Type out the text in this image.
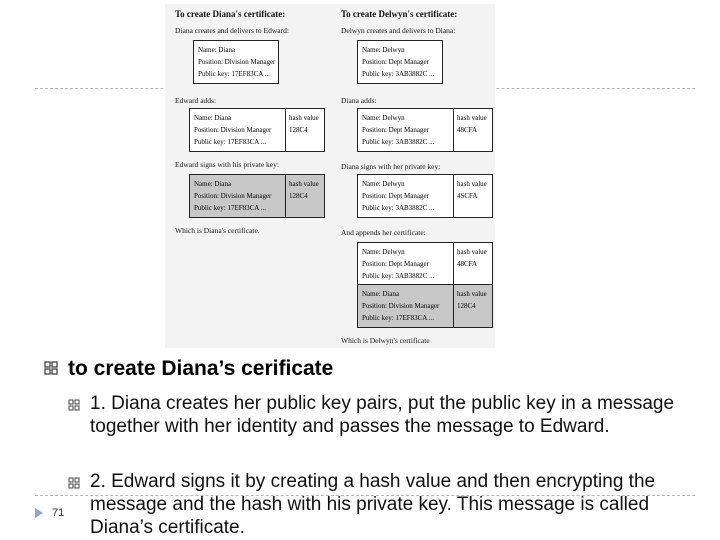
To create Diana's certificate:
Diana creates and delivers to Edward:
Name: Diana
Position: Division Manager
Public key: 17EF83CA ...
Edward adds:
Name: Diana
Position: Division Manager
Public key: 17EF83CA ...
hash value
128C4
Edward signs with his private key:
Name: Diana
Position: Division Manager
Public key: 17EF83CA ...
hash value
128C4
Which is Diana's certificate.
To create Delwyn's certificate:
Delwyn creates and delivers to Diana:
Name: Delwyn
Position: Dept Manager
Public key: 3AB3882C ...
Diana adds:
Name: Delwyn
Position: Dept Manager
Public key: 3AB3882C ...
hash value
48CFA
Diana signs with her private key:
Name: Delwyn
Position: Dept Manager
Public key: 3AB3882C ...
hash value
4SCFA
And appends her certificate:
Name: Delwyn
Position: Dept Manager
Public key: 3AB3882C ...
hash value
48CFA
Name: Diana
Position: Division Manager
Public key: 17EF83CA ...
hash value
128C4
Which is Delwyn's certificate
to create Diana’s cerificate
1. Diana creates her public key pairs, put the public key in a message together with her identity and passes the message to Edward.
2. Edward signs it by creating a hash value and then encrypting the message and the hash with his private key. This message is called Diana’s certificate.
71
